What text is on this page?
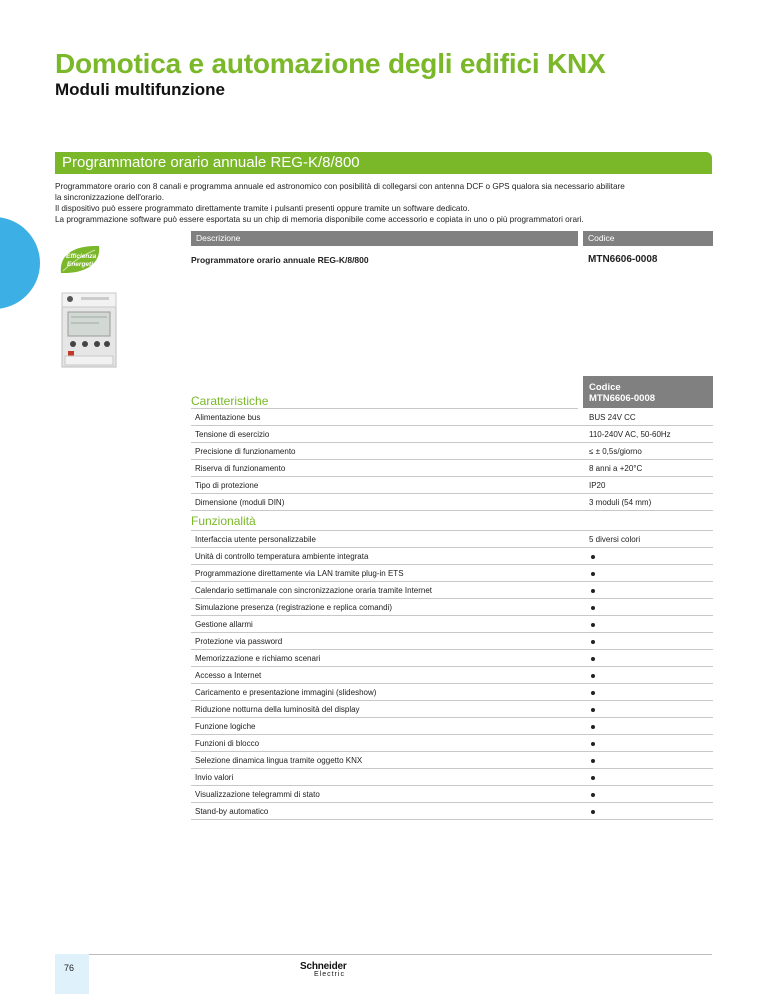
Domotica e automazione degli edifici KNX
Moduli multifunzione
Programmatore orario annuale REG-K/8/800

Programmatore orario con 8 canali e programma annuale ed astronomico con posibilità di collegarsi con antenna DCF o GPS qualora sia necessario abilitare

la sincronizzazione dell'orario.

Il dispositivo può essere programmato direttamente tramite i pulsanti presenti oppure tramite un software dedicato.

La programmazione software può essere esportata su un chip di memoria disponibile come accessorio e copiata in uno o più programmatori orari.

Efficienza
Energetica
Descrizione	Codice
Programmatore orario annuale REG-K/8/800	MTN6606-0008
Caratteristiche
Codice
MTN6606-0008
Alimentazione bus	BUS 24V CC
Tensione di esercizio	110-240V AC, 50-60Hz
Precisione di funzionamento	≤ ± 0,5s/giorno
Riserva di funzionamento	8 anni a +20°C
Tipo di protezione	IP20
Dimensione (moduli DIN)	3 moduli (54 mm)
Funzionalità
Interfaccia utente personalizzabile	5 diversi colori
Unità di controllo temperatura ambiente integrata
Programmazione direttamente via LAN tramite plug-in ETS
Calendario settimanale con sincronizzazione oraria tramite Internet
Simulazione presenza (registrazione e replica comandi)
Gestione allarmi
Protezione via password
Memorizzazione e richiamo scenari
Accesso a Internet
Caricamento e presentazione immagini (slideshow)
Riduzione notturna della luminosità del display
Funzione logiche
Funzioni di blocco
Selezione dinamica lingua tramite oggetto KNX
Invio valori
Visualizzazione telegrammi di stato
Stand-by automatico
76	Schneider
Electric
